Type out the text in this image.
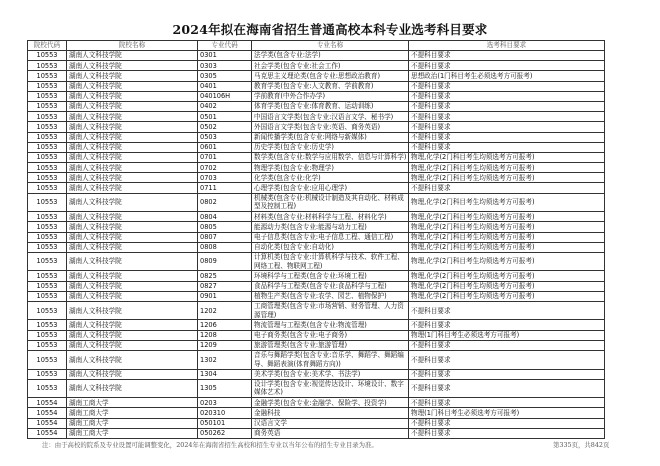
2024年拟在海南省招生普通高校本科专业选考科目要求
院校代码	院校名称	专业代码	专业名称	选考科目要求
10553	湖南人文科技学院	0301	法学类(包含专业:法学)	不提科目要求
10553	湖南人文科技学院	0303	社会学类(包含专业:社会工作)	不提科目要求
10553	湖南人文科技学院	0305	马克思主义理论类(包含专业:思想政治教育)	思想政治(1门科目考生必须选考方可报考)
10553	湖南人文科技学院	0401	教育学类(包含专业:人文教育、学前教育)	不提科目要求
10553	湖南人文科技学院	040106H	学前教育(中外合作办学)	不提科目要求
10553	湖南人文科技学院	0402	体育学类(包含专业:体育教育、运动训练)	不提科目要求
10553	湖南人文科技学院	0501	中国语言文学类(包含专业:汉语言文学、秘书学)	不提科目要求
10553	湖南人文科技学院	0502	外国语言文学类(包含专业:英语、商务英语)	不提科目要求
10553	湖南人文科技学院	0503	新闻传播学类(包含专业:网络与新媒体)	不提科目要求
10553	湖南人文科技学院	0601	历史学类(包含专业:历史学)	不提科目要求
10553	湖南人文科技学院	0701	数学类(包含专业:数学与应用数学、信息与计算科学)	物理,化学(2门科目考生均须选考方可报考)
10553	湖南人文科技学院	0702	物理学类(包含专业:物理学)	物理,化学(2门科目考生均须选考方可报考)
10553	湖南人文科技学院	0703	化学类(包含专业:化学)	物理,化学(2门科目考生均须选考方可报考)
10553	湖南人文科技学院	0711	心理学类(包含专业:应用心理学)	不提科目要求
10553	湖南人文科技学院	0802	机械类(包含专业:机械设计制造及其自动化、材料成型及控制工程)	物理,化学(2门科目考生均须选考方可报考)
10553	湖南人文科技学院	0804	材料类(包含专业:材料科学与工程、材料化学)	物理,化学(2门科目考生均须选考方可报考)
10553	湖南人文科技学院	0805	能源动力类(包含专业:能源与动力工程)	物理,化学(2门科目考生均须选考方可报考)
10553	湖南人文科技学院	0807	电子信息类(包含专业:电子信息工程、通信工程)	物理,化学(2门科目考生均须选考方可报考)
10553	湖南人文科技学院	0808	自动化类(包含专业:自动化)	物理,化学(2门科目考生均须选考方可报考)
10553	湖南人文科技学院	0809	计算机类(包含专业:计算机科学与技术、软件工程、网络工程、物联网工程)	物理,化学(2门科目考生均须选考方可报考)
10553	湖南人文科技学院	0825	环境科学与工程类(包含专业:环境工程)	物理,化学(2门科目考生均须选考方可报考)
10553	湖南人文科技学院	0827	食品科学与工程类(包含专业:食品科学与工程)	物理,化学(2门科目考生均须选考方可报考)
10553	湖南人文科技学院	0901	植物生产类(包含专业:农学、园艺、植物保护)	物理,化学(2门科目考生均须选考方可报考)
10553	湖南人文科技学院	1202	工商管理类(包含专业:市场营销、财务管理、人力资源管理)	不提科目要求
10553	湖南人文科技学院	1206	物流管理与工程类(包含专业:物流管理)	不提科目要求
10553	湖南人文科技学院	1208	电子商务类(包含专业:电子商务)	物理(1门科目考生必须选考方可报考)
10553	湖南人文科技学院	1209	旅游管理类(包含专业:旅游管理)	不提科目要求
10553	湖南人文科技学院	1302	音乐与舞蹈学类(包含专业:音乐学、舞蹈学、舞蹈编导、舞蹈表演(体育舞蹈方向))	不提科目要求
10553	湖南人文科技学院	1304	美术学类(包含专业:美术学、书法学)	不提科目要求
10553	湖南人文科技学院	1305	设计学类(包含专业:视觉传达设计、环境设计、数字媒体艺术)	不提科目要求
10554	湖南工商大学	0203	金融学类(包含专业:金融学、保险学、投资学)	不提科目要求
10554	湖南工商大学	020310	金融科技	物理(1门科目考生必须选考方可报考)
10554	湖南工商大学	050101	汉语言文学	不提科目要求
10554	湖南工商大学	050262	商务英语	不提科目要求
注：由于高校的院系及专业设置可能调整变化，2024年在海南省招生高校和招生专业以当年公布的招生专业目录为准。	第335页，共842页
